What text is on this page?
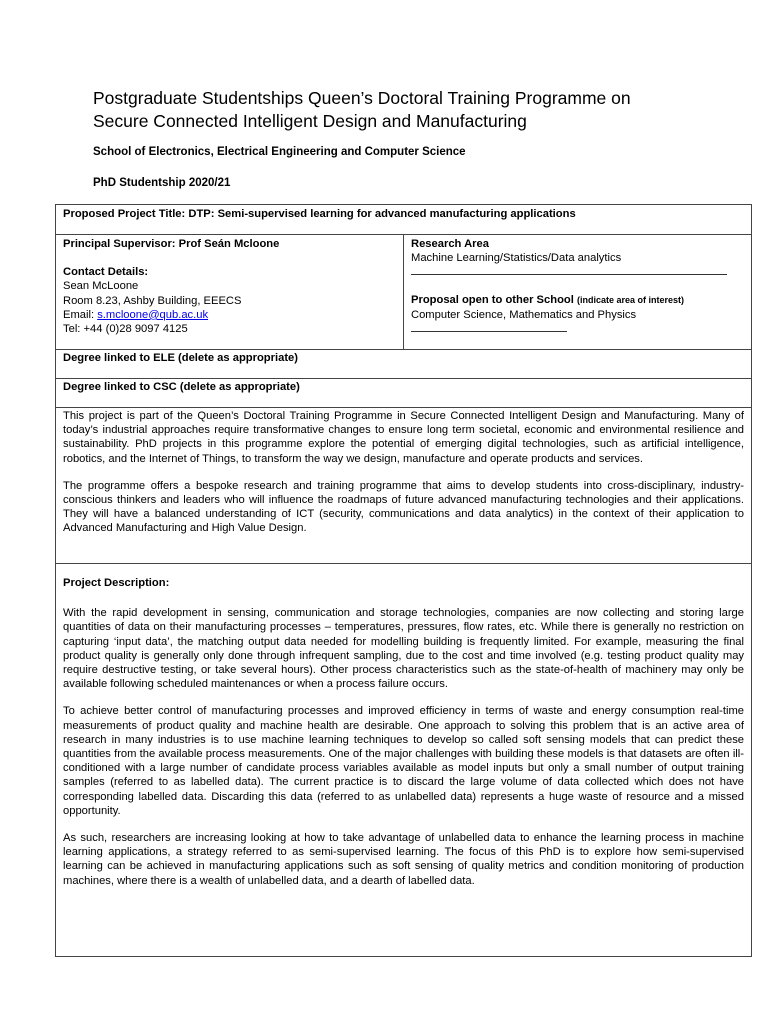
Postgraduate Studentships Queen’s Doctoral Training Programme on
Secure Connected Intelligent Design and Manufacturing
School of Electronics, Electrical Engineering and Computer Science
PhD Studentship 2020/21
Proposed Project Title: DTP: Semi-supervised learning for advanced manufacturing applications

Principal Supervisor: Prof Seán Mcloone
Contact Details:
Sean McLoone
Room 8.23, Ashby Building, EEECS
Email: s.mcloone@qub.ac.uk
Tel: +44 (0)28 9097 4125

Research Area
Machine Learning/Statistics/Data analytics
Proposal open to other School (indicate area of interest)
Computer Science, Mathematics and Physics

Degree linked to ELE (delete as appropriate)
Degree linked to CSC (delete as appropriate)

This project is part of the Queen’s Doctoral Training Programme in Secure Connected Intelligent Design and Manufacturing. Many of today’s industrial approaches require transformative changes to ensure long term societal, economic and environmental resilience and sustainability. PhD projects in this programme explore the potential of emerging digital technologies, such as artificial intelligence, robotics, and the Internet of Things, to transform the way we design, manufacture and operate products and services.

The programme offers a bespoke research and training programme that aims to develop students into cross-disciplinary, industry-conscious thinkers and leaders who will influence the roadmaps of future advanced manufacturing technologies and their applications. They will have a balanced understanding of ICT (security, communications and data analytics) in the context of their application to Advanced Manufacturing and High Value Design.

Project Description:

With the rapid development in sensing, communication and storage technologies, companies are now collecting and storing large quantities of data on their manufacturing processes – temperatures, pressures, flow rates, etc. While there is generally no restriction on capturing ‘input data’, the matching output data needed for modelling building is frequently limited. For example, measuring the final product quality is generally only done through infrequent sampling, due to the cost and time involved (e.g. testing product quality may require destructive testing, or take several hours). Other process characteristics such as the state-of-health of machinery may only be available following scheduled maintenances or when a process failure occurs.

To achieve better control of manufacturing processes and improved efficiency in terms of waste and energy consumption real-time measurements of product quality and machine health are desirable. One approach to solving this problem that is an active area of research in many industries is to use machine learning techniques to develop so called soft sensing models that can predict these quantities from the available process measurements. One of the major challenges with building these models is that datasets are often ill-conditioned with a large number of candidate process variables available as model inputs but only a small number of output training samples (referred to as labelled data). The current practice is to discard the large volume of data collected which does not have corresponding labelled data. Discarding this data (referred to as unlabelled data) represents a huge waste of resource and a missed opportunity.

As such, researchers are increasing looking at how to take advantage of unlabelled data to enhance the learning process in machine learning applications, a strategy referred to as semi-supervised learning. The focus of this PhD is to explore how semi-supervised learning can be achieved in manufacturing applications such as soft sensing of quality metrics and condition monitoring of production machines, where there is a wealth of unlabelled data, and a dearth of labelled data.
